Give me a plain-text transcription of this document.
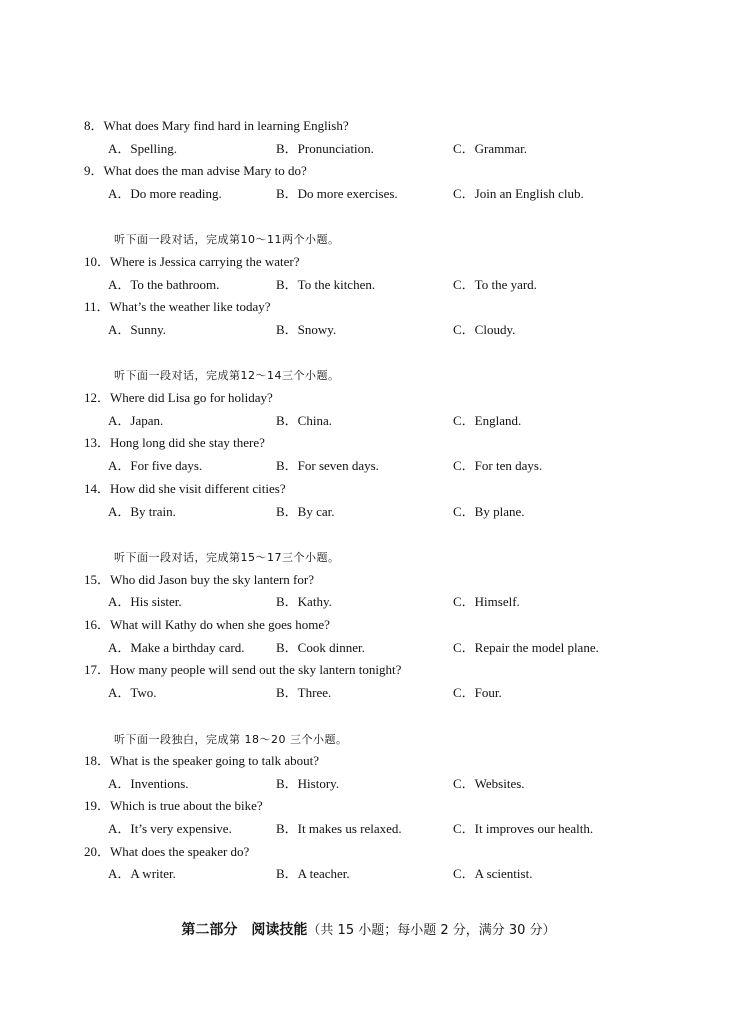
8．What does Mary find hard in learning English?
A．Spelling.	B．Pronunciation.	C．Grammar.
9．What does the man advise Mary to do?
A．Do more reading.	B．Do more exercises.	C．Join an English club.
听下面一段对话，完成第10～11两个小题。
10．Where is Jessica carrying the water?
A．To the bathroom.	B．To the kitchen.	C．To the yard.
11．What’s the weather like today?
A．Sunny.	B．Snowy.	C．Cloudy.
听下面一段对话，完成第12～14三个小题。
12．Where did Lisa go for holiday?
A．Japan.	B．China.	C．England.
13．Hong long did she stay there?
A．For five days.	B．For seven days.	C．For ten days.
14．How did she visit different cities?
A．By train.	B．By car.	C．By plane.
听下面一段对话，完成第15～17三个小题。
15．Who did Jason buy the sky lantern for?
A．His sister.	B．Kathy.	C．Himself.
16．What will Kathy do when she goes home?
A．Make a birthday card. B．Cook dinner.	C．Repair the model plane.
17．How many people will send out the sky lantern tonight?
A．Two.	B．Three.	C．Four.
听下面一段独白，完成第 18～20 三个小题。
18．What is the speaker going to talk about?
A．Inventions.	B．History.	C．Websites.
19．Which is true about the bike?
A．It’s very expensive.	B．It makes us relaxed.	C．It improves our health.
20．What does the speaker do?
A．A writer.	B．A teacher.	C．A scientist.
第二部分　阅读技能（共 15 小题；每小题 2 分，满分 30 分）
